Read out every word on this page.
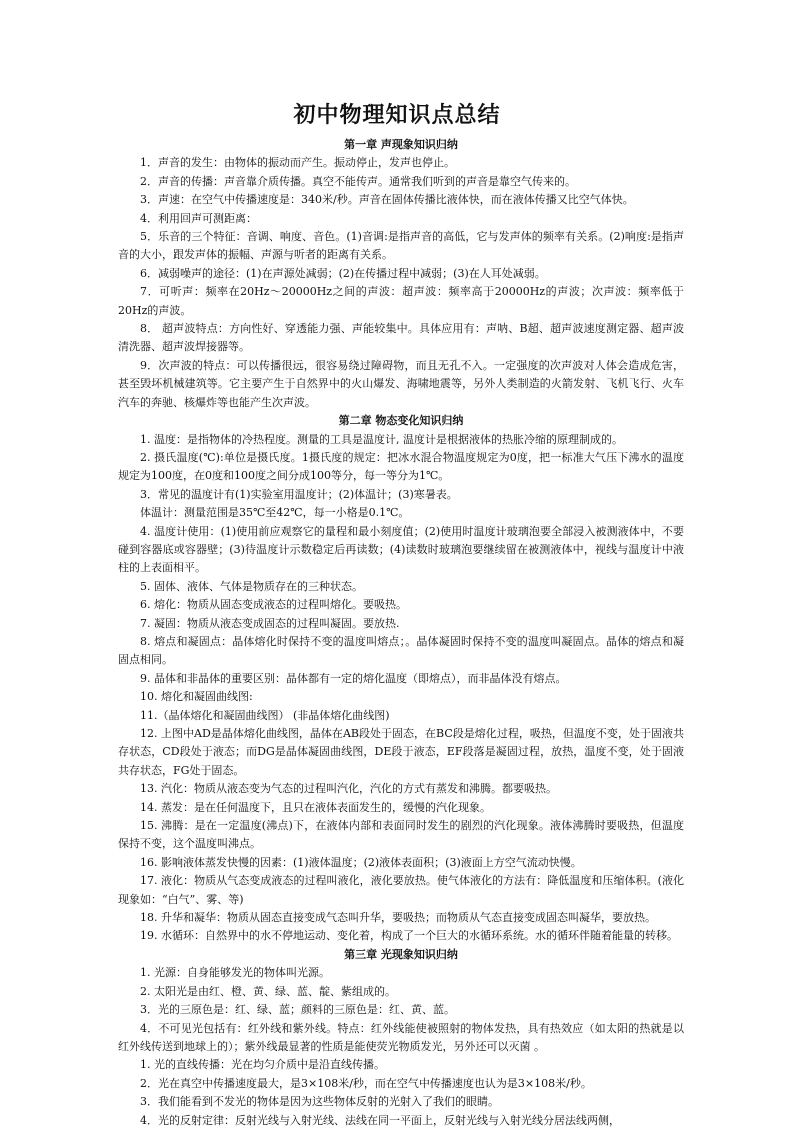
初中物理知识点总结
第一章 声现象知识归纳
1．声音的发生：由物体的振动而产生。振动停止，发声也停止。
2．声音的传播：声音靠介质传播。真空不能传声。通常我们听到的声音是靠空气传来的。
3．声速：在空气中传播速度是：340米/秒。声音在固体传播比液体快，而在液体传播又比空气体快。
4．利用回声可测距离：
5．乐音的三个特征：音调、响度、音色。(1)音调:是指声音的高低，它与发声体的频率有关系。(2)响度:是指声音的大小，跟发声体的振幅、声源与听者的距离有关系。
6．减弱噪声的途径：(1)在声源处减弱；(2)在传播过程中减弱；(3)在人耳处减弱。
7．可听声：频率在20Hz～20000Hz之间的声波：超声波：频率高于20000Hz的声波；次声波：频率低于20Hz的声波。
8． 超声波特点：方向性好、穿透能力强、声能较集中。具体应用有：声呐、B超、超声波速度测定器、超声波清洗器、超声波焊接器等。
9．次声波的特点：可以传播很远，很容易绕过障碍物，而且无孔不入。一定强度的次声波对人体会造成危害，甚至毁坏机械建筑等。它主要产生于自然界中的火山爆发、海啸地震等，另外人类制造的火箭发射、飞机飞行、火车汽车的奔驰、核爆炸等也能产生次声波。
第二章 物态变化知识归纳
1. 温度：是指物体的冷热程度。测量的工具是温度计, 温度计是根据液体的热胀冷缩的原理制成的。
2. 摄氏温度(℃):单位是摄氏度。1摄氏度的规定：把冰水混合物温度规定为0度，把一标准大气压下沸水的温度规定为100度，在0度和100度之间分成100等分，每一等分为1℃。
3．常见的温度计有(1)实验室用温度计；(2)体温计；(3)寒暑表。
体温计：测量范围是35℃至42℃，每一小格是0.1℃。
4. 温度计使用：(1)使用前应观察它的量程和最小刻度值；(2)使用时温度计玻璃泡要全部浸入被测液体中，不要碰到容器底或容器壁；(3)待温度计示数稳定后再读数；(4)读数时玻璃泡要继续留在被测液体中，视线与温度计中液柱的上表面相平。
5. 固体、液体、气体是物质存在的三种状态。
6. 熔化：物质从固态变成液态的过程叫熔化。要吸热。
7. 凝固：物质从液态变成固态的过程叫凝固。要放热.
8. 熔点和凝固点：晶体熔化时保持不变的温度叫熔点；。晶体凝固时保持不变的温度叫凝固点。晶体的熔点和凝固点相同。
9. 晶体和非晶体的重要区别：晶体都有一定的熔化温度（即熔点），而非晶体没有熔点。
10. 熔化和凝固曲线图:
11.（晶体熔化和凝固曲线图） (非晶体熔化曲线图)
12. 上图中AD是晶体熔化曲线图，晶体在AB段处于固态，在BC段是熔化过程，吸热，但温度不变，处于固液共存状态，CD段处于液态；而DG是晶体凝固曲线图，DE段于液态，EF段落是凝固过程，放热，温度不变，处于固液共存状态，FG处于固态。
13. 汽化：物质从液态变为气态的过程叫汽化，汽化的方式有蒸发和沸腾。都要吸热。
14. 蒸发：是在任何温度下，且只在液体表面发生的，缓慢的汽化现象。
15. 沸腾：是在一定温度(沸点)下，在液体内部和表面同时发生的剧烈的汽化现象。液体沸腾时要吸热，但温度保持不变，这个温度叫沸点。
16. 影响液体蒸发快慢的因素：(1)液体温度；(2)液体表面积；(3)液面上方空气流动快慢。
17. 液化：物质从气态变成液态的过程叫液化，液化要放热。使气体液化的方法有：降低温度和压缩体积。(液化现象如：“白气”、雾、等)
18. 升华和凝华：物质从固态直接变成气态叫升华，要吸热；而物质从气态直接变成固态叫凝华，要放热。
19. 水循环：自然界中的水不停地运动、变化着，构成了一个巨大的水循环系统。水的循环伴随着能量的转移。
第三章 光现象知识归纳
1. 光源：自身能够发光的物体叫光源。
2. 太阳光是由红、橙、黄、绿、蓝、靛、紫组成的。
3．光的三原色是：红、绿、蓝；颜料的三原色是：红、黄、蓝。
4．不可见光包括有：红外线和紫外线。特点：红外线能使被照射的物体发热，具有热效应（如太阳的热就是以红外线传送到地球上的）；紫外线最显著的性质是能使荧光物质发光，另外还可以灭菌 。
1. 光的直线传播：光在均匀介质中是沿直线传播。
2．光在真空中传播速度最大，是3×108米/秒，而在空气中传播速度也认为是3×108米/秒。
3．我们能看到不发光的物体是因为这些物体反射的光射入了我们的眼睛。
4．光的反射定律：反射光线与入射光线、法线在同一平面上，反射光线与入射光线分居法线两侧，
